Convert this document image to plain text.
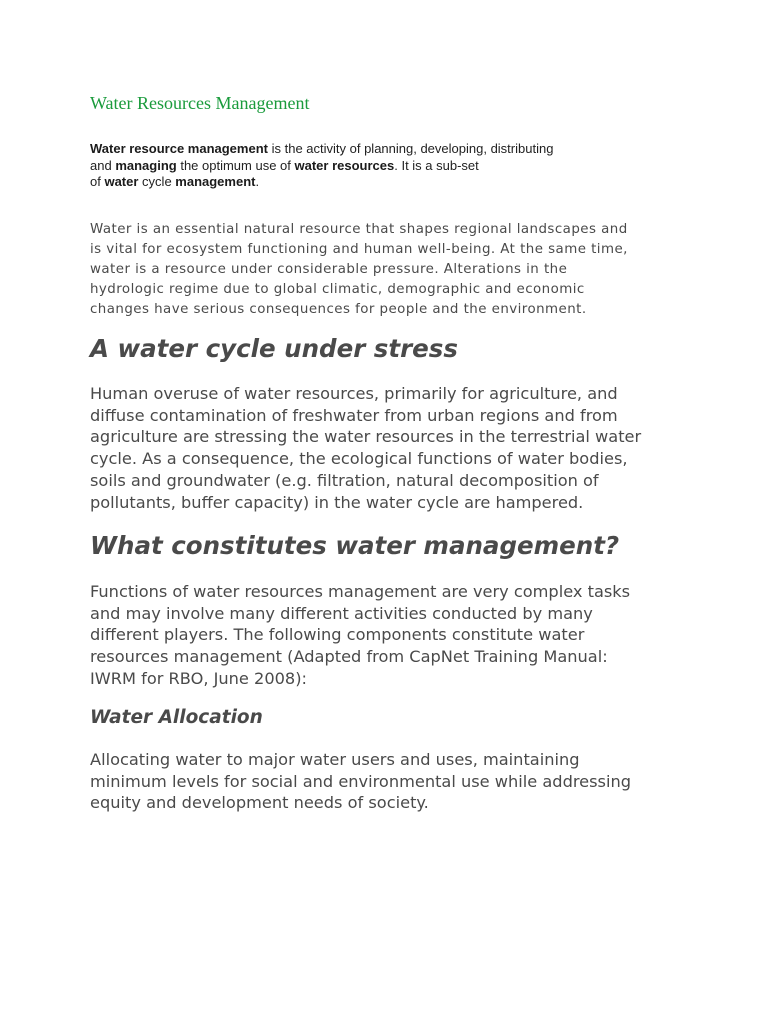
Water Resources Management
Water resource management is the activity of planning, developing, distributing
and managing the optimum use of water resources. It is a sub-set
of water cycle management.

Water is an essential natural resource that shapes regional landscapes and
is vital for ecosystem functioning and human well-being. At the same time,
water is a resource under considerable pressure. Alterations in the
hydrologic regime due to global climatic, demographic and economic
changes have serious consequences for people and the environment.

A water cycle under stress

Human overuse of water resources, primarily for agriculture, and
diffuse contamination of freshwater from urban regions and from
agriculture are stressing the water resources in the terrestrial water
cycle. As a consequence, the ecological functions of water bodies,
soils and groundwater (e.g. filtration, natural decomposition of
pollutants, buffer capacity) in the water cycle are hampered.

What constitutes water management?

Functions of water resources management are very complex tasks
and may involve many different activities conducted by many
different players. The following components constitute water
resources management (Adapted from CapNet Training Manual:
IWRM for RBO, June 2008):

Water Allocation

Allocating water to major water users and uses, maintaining
minimum levels for social and environmental use while addressing
equity and development needs of society.
